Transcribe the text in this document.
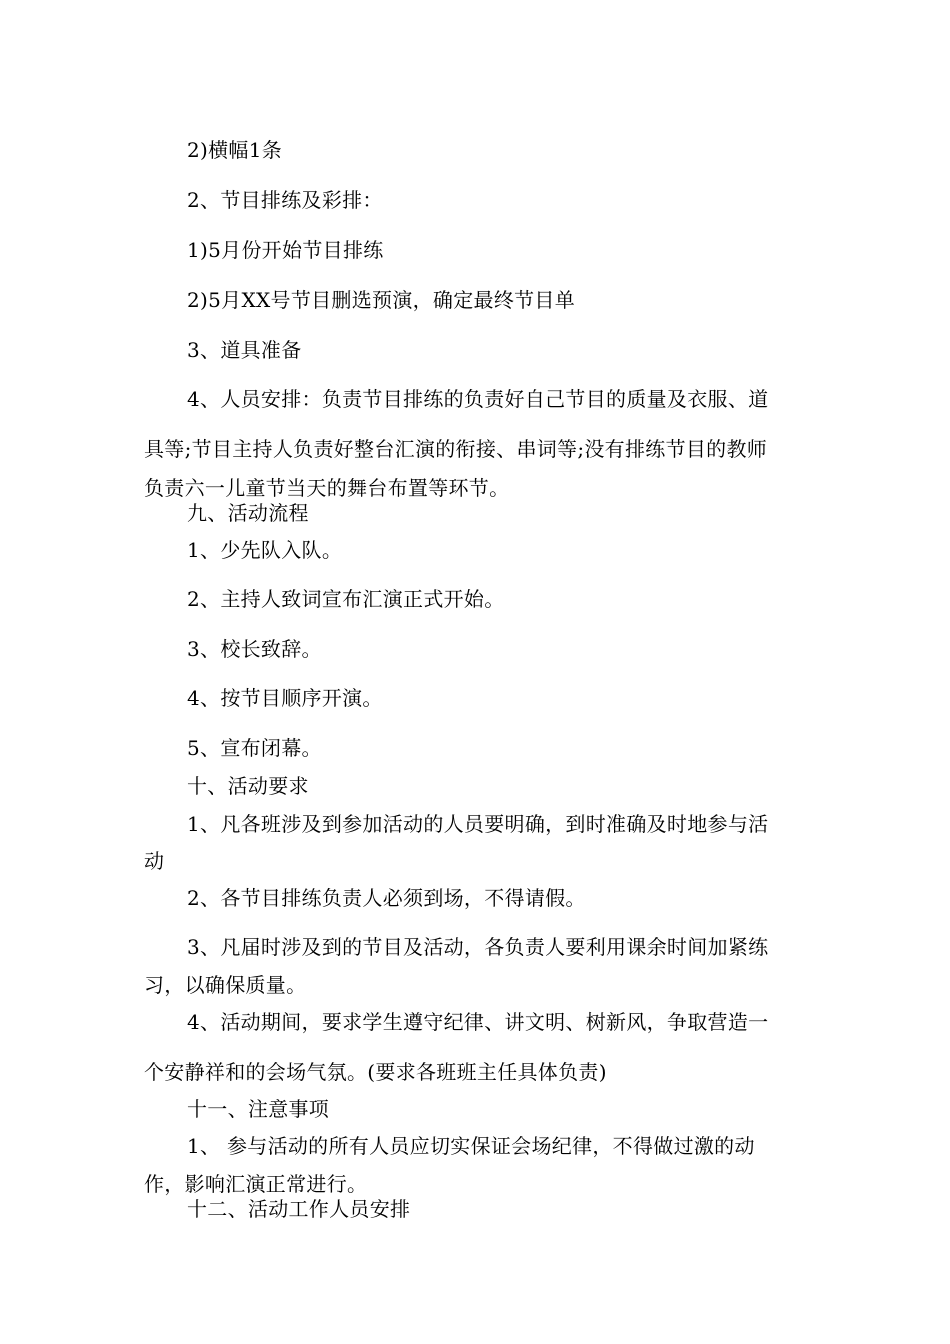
2)横幅1条
2、节目排练及彩排：
1)5月份开始节目排练
2)5月XX号节目删选预演，确定最终节目单
3、道具准备
4、人员安排：负责节目排练的负责好自己节目的质量及衣服、道
具等;节目主持人负责好整台汇演的衔接、串词等;没有排练节目的教师
负责六一儿童节当天的舞台布置等环节。
九、活动流程
1、少先队入队。
2、主持人致词宣布汇演正式开始。
3、校长致辞。
4、按节目顺序开演。
5、宣布闭幕。
十、活动要求
1、凡各班涉及到参加活动的人员要明确，到时准确及时地参与活
动
2、各节目排练负责人必须到场，不得请假。
3、凡届时涉及到的节目及活动，各负责人要利用课余时间加紧练
习，以确保质量。
4、活动期间，要求学生遵守纪律、讲文明、树新风，争取营造一
个安静祥和的会场气氛。(要求各班班主任具体负责)
十一、注意事项
1、 参与活动的所有人员应切实保证会场纪律，不得做过激的动
作，影响汇演正常进行。
十二、活动工作人员安排
